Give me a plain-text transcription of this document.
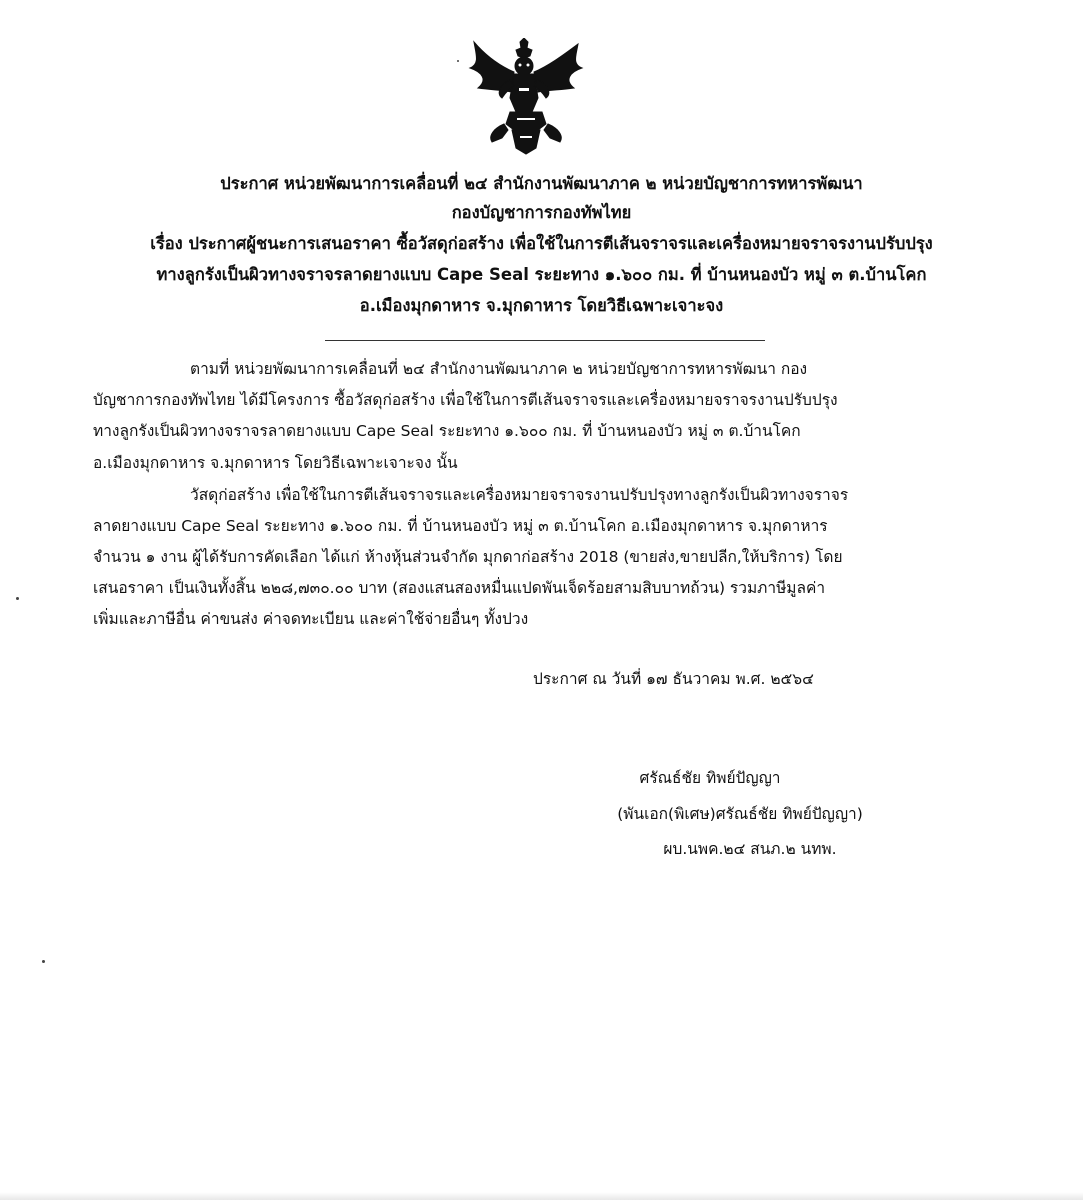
ประกาศ หน่วยพัฒนาการเคลื่อนที่ ๒๔ สำนักงานพัฒนาภาค ๒ หน่วยบัญชาการทหารพัฒนา
กองบัญชาการกองทัพไทย
เรื่อง ประกาศผู้ชนะการเสนอราคา ซื้อวัสดุก่อสร้าง เพื่อใช้ในการตีเส้นจราจรและเครื่องหมายจราจรงานปรับปรุง
ทางลูกรังเป็นผิวทางจราจรลาดยางแบบ Cape Seal ระยะทาง ๑.๖๐๐ กม. ที่ บ้านหนองบัว หมู่ ๓ ต.บ้านโคก
อ.เมืองมุกดาหาร จ.มุกดาหาร โดยวิธีเฉพาะเจาะจง
ตามที่ หน่วยพัฒนาการเคลื่อนที่ ๒๔ สำนักงานพัฒนาภาค ๒ หน่วยบัญชาการทหารพัฒนา กอง
บัญชาการกองทัพไทย ได้มีโครงการ ซื้อวัสดุก่อสร้าง เพื่อใช้ในการตีเส้นจราจรและเครื่องหมายจราจรงานปรับปรุง
ทางลูกรังเป็นผิวทางจราจรลาดยางแบบ Cape Seal ระยะทาง ๑.๖๐๐ กม. ที่ บ้านหนองบัว หมู่ ๓ ต.บ้านโคก
อ.เมืองมุกดาหาร จ.มุกดาหาร โดยวิธีเฉพาะเจาะจง นั้น
วัสดุก่อสร้าง เพื่อใช้ในการตีเส้นจราจรและเครื่องหมายจราจรงานปรับปรุงทางลูกรังเป็นผิวทางจราจร
ลาดยางแบบ Cape Seal ระยะทาง ๑.๖๐๐ กม. ที่ บ้านหนองบัว หมู่ ๓ ต.บ้านโคก อ.เมืองมุกดาหาร จ.มุกดาหาร
จำนวน ๑ งาน ผู้ได้รับการคัดเลือก ได้แก่ ห้างหุ้นส่วนจำกัด มุกดาก่อสร้าง 2018 (ขายส่ง,ขายปลีก,ให้บริการ) โดย
เสนอราคา เป็นเงินทั้งสิ้น ๒๒๘,๗๓๐.๐๐ บาท (สองแสนสองหมื่นแปดพันเจ็ดร้อยสามสิบบาทถ้วน) รวมภาษีมูลค่า
เพิ่มและภาษีอื่น ค่าขนส่ง ค่าจดทะเบียน และค่าใช้จ่ายอื่นๆ ทั้งปวง
ประกาศ ณ วันที่ ๑๗ ธันวาคม พ.ศ. ๒๕๖๔
ศรัณธ์ชัย ทิพย์ปัญญา
(พันเอก(พิเศษ)ศรัณธ์ชัย ทิพย์ปัญญา)
ผบ.นพค.๒๔ สนภ.๒ นทพ.
